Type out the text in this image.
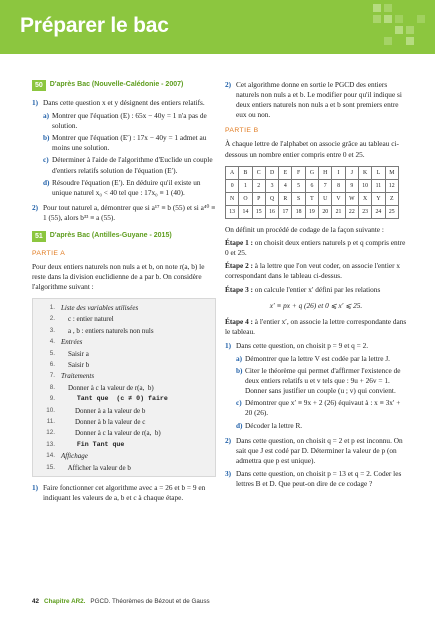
Préparer le bac
50	D'après Bac (Nouvelle-Calédonie - 2007)
1) Dans cette question x et y désignent des entiers relatifs.

a) Montrer que l'équation (E) : 65x − 40y = 1 n'a pas de solution.
b) Montrer que l'équation (E′) : 17x − 40y = 1 admet au moins une solution.
c) Déterminer à l'aide de l'algorithme d'Euclide un couple d'entiers relatifs solution de l'équation (E′).
d) Résoudre l'équation (E′). En déduire qu'il existe un unique naturel x₀ < 40 tel que : 17x₀ ≡ 1 (40).
2) Pour tout naturel a, démontrer que si a¹⁷ ≡ b (55) et si a⁴⁰ ≡ 1 (55), alors b³³ ≡ a (55).
51	D'après Bac (Antilles-Guyane - 2015)
PARTIE A

Pour deux entiers naturels non nuls a et b, on note r(a, b) le reste dans la division euclidienne de a par b. On considère l'algorithme suivant :

1. Liste des variables utilisées
2. c : entier naturel
3. a , b : entiers naturels non nuls
4. Entrées
5. Saisir a
6. Saisir b
7. Traitements
8. Donner à c la valeur de r(a,  b)
9. Tant que  (c ≠ 0) faire
10. Donner à a la valeur de b
11. Donner à b la valeur de c
12. Donner à c la valeur de r(a,  b)
13. Fin Tant que
14. Affichage
15. Afficher la valeur de b
1) Faire fonctionner cet algorithme avec a = 26 et b = 9 en indiquant les valeurs de a, b et c à chaque étape.
2) Cet algorithme donne en sortie le PGCD des entiers naturels non nuls a et b. Le modifier pour qu'il indique si deux entiers naturels non nuls a et b sont premiers entre eux ou non.
PARTIE B

À chaque lettre de l'alphabet on associe grâce au tableau ci-dessous un nombre entier compris entre 0 et 25.

A	B	C	D	E	F	G	H	I	J	K	L	M
0	1	2	3	4	5	6	7	8	9	10	11	12
N	O	P	Q	R	S	T	U	V	W	X	Y	Z
13	14	15	16	17	18	19	20	21	22	23	24	25

On définit un procédé de codage de la façon suivante :

Étape 1 : on choisit deux entiers naturels p et q compris entre 0 et 25.

Étape 2 : à la lettre que l'on veut coder, on associe l'entier x correspondant dans le tableau ci-dessus.

Étape 3 : on calcule l'entier x′ défini par les relations

x′ ≡ px + q (26) et 0 ⩽ x′ ⩽ 25.

Étape 4 : à l'entier x′, on associe la lettre correspondante dans le tableau.

1) Dans cette question, on choisit p = 9 et q = 2.

a) Démontrer que la lettre V est codée par la lettre J.
b) Citer le théorème qui permet d'affirmer l'existence de deux entiers relatifs u et v tels que : 9u + 26v = 1. Donner sans justifier un couple (u ; v) qui convient.
c) Démontrer que x′ ≡ 9x + 2 (26) équivaut à : x ≡ 3x′ + 20 (26).
d) Décoder la lettre R.
2) Dans cette question, on choisit q = 2 et p est inconnu. On sait que J est codé par D. Déterminer la valeur de p (on admettra que p est unique).
3) Dans cette question, on choisit p = 13 et q = 2. Coder les lettres B et D. Que peut-on dire de ce codage ?
42 Chapitre AR2. PGCD. Théorèmes de Bézout et de Gauss
